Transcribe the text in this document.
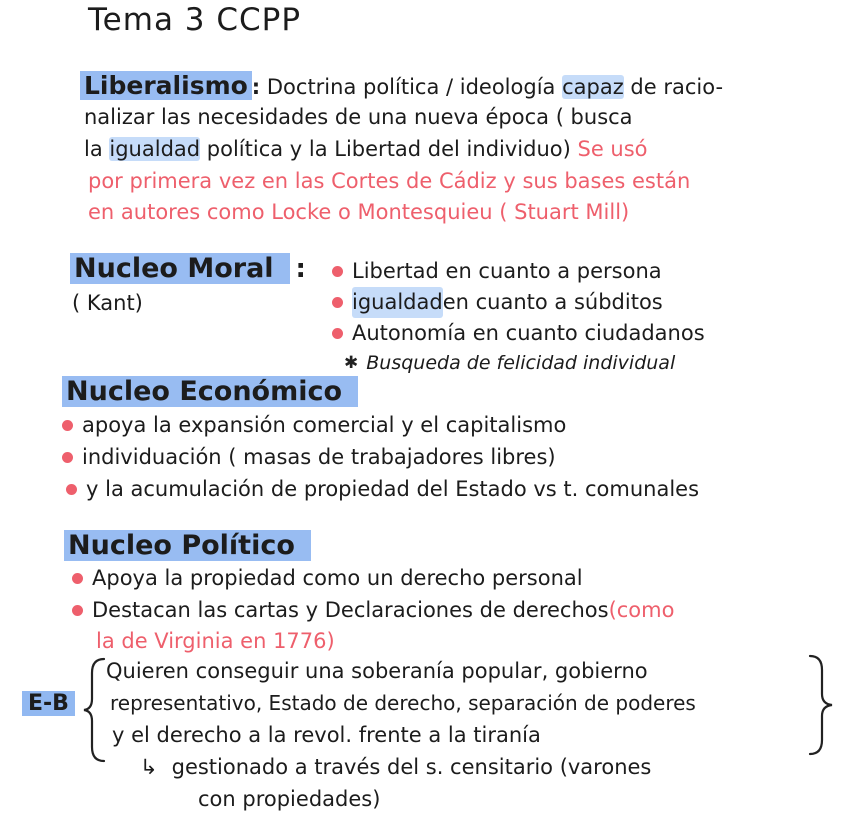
Tema 3 CCPP
Liberalismo : Doctrina política / ideología capaz de racio-
nalizar las necesidades de una nueva época ( busca
la igualdad política y la Libertad del individuo) Se usó
por primera vez en las Cortes de Cádiz y sus bases están
en autores como Locke o Montesquieu ( Stuart Mill)
Nucleo Moral :
( Kant)
Libertad en cuanto a persona
igualdad en cuanto a súbditos
Autonomía en cuanto ciudadanos
✱ Busqueda de felicidad individual
Nucleo Económico
apoya la expansión comercial y el capitalismo
individuación ( masas de trabajadores libres)
y la acumulación de propiedad del Estado vs t. comunales
Nucleo Político
Apoya la propiedad como un derecho personal
Destacan las cartas y Declaraciones de derechos (como
la de Virginia en 1776)
E-B
Quieren conseguir una soberanía popular, gobierno
representativo, Estado de derecho, separación de poderes
y el derecho a la revol. frente a la tiranía
↳ gestionado a través del s. censitario (varones
con propiedades)
